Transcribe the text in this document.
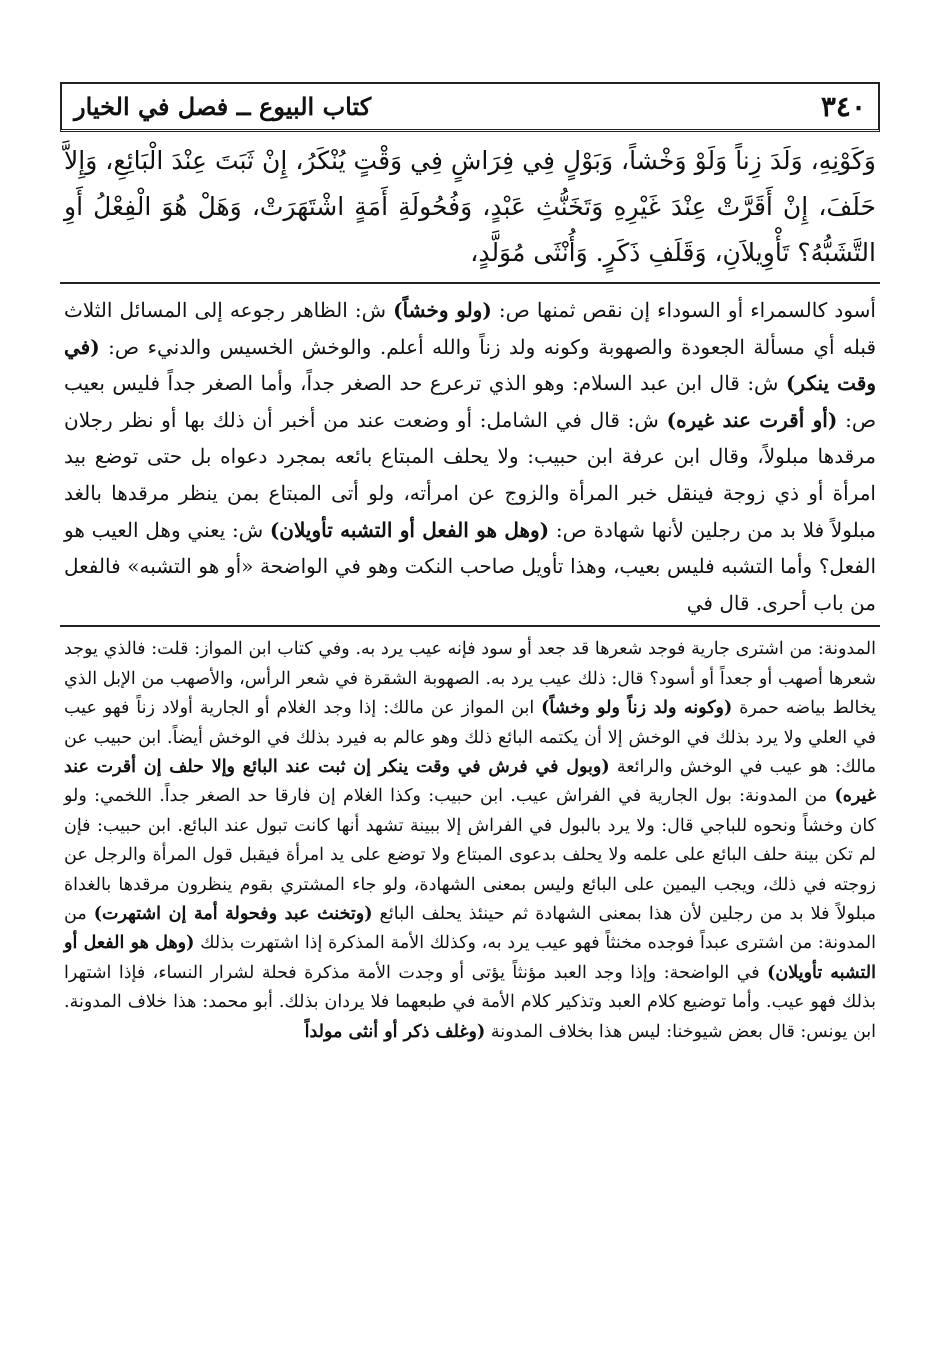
٣٤٠
كتاب البيوع ــ فصل في الخيار

وَكَوْنِهِ، وَلَدَ زِناً وَلَوْ وَخْشاً، وَبَوْلٍ فِي فِرَاشٍ فِي وَقْتٍ يُنْكَرُ، إِنْ ثَبَتَ عِنْدَ الْبَائِعِ، وَإِلاَّ حَلَفَ، إِنْ أَقَرَّتْ عِنْدَ غَيْرِهِ وَتَخَنُّثِ عَبْدٍ، وَفُحُولَةِ أَمَةٍ اشْتَهَرَتْ، وَهَلْ هُوَ الْفِعْلُ أَوِ التَّشَبُّهُ؟ تَأْوِيلاَنِ، وَقَلَفِ ذَكَرٍ. وَأُنْثَى مُوَلَّدٍ،

أسود كالسمراء أو السوداء إن نقص ثمنها ص: (ولو وخشاً) ش: الظاهر رجوعه إلى المسائل الثلاث قبله أي مسألة الجعودة والصهوبة وكونه ولد زناً والله أعلم. والوخش الخسيس والدنيء ص: (في وقت ينكر) ش: قال ابن عبد السلام: وهو الذي ترعرع حد الصغر جداً، وأما الصغر جداً فليس بعيب ص: (أو أقرت عند غيره) ش: قال في الشامل: أو وضعت عند من أخبر أن ذلك بها أو نظر رجلان مرقدها مبلولاً، وقال ابن عرفة ابن حبيب: ولا يحلف المبتاع بائعه بمجرد دعواه بل حتى توضع بيد امرأة أو ذي زوجة فينقل خبر المرأة والزوج عن امرأته، ولو أتى المبتاع بمن ينظر مرقدها بالغد مبلولاً فلا بد من رجلين لأنها شهادة ص: (وهل هو الفعل أو التشبه تأويلان) ش: يعني وهل العيب هو الفعل؟ وأما التشبه فليس بعيب، وهذا تأويل صاحب النكت وهو في الواضحة «أو هو التشبه» فالفعل من باب أحرى. قال في

المدونة: من اشترى جارية فوجد شعرها قد جعد أو سود فإنه عيب يرد به. وفي كتاب ابن المواز: قلت: فالذي يوجد شعرها أصهب أو جعداً أو أسود؟ قال: ذلك عيب يرد به. الصهوبة الشقرة في شعر الرأس، والأصهب من الإبل الذي يخالط بياضه حمرة (وكونه ولد زناً ولو وخشاً) ابن المواز عن مالك: إذا وجد الغلام أو الجارية أولاد زناً فهو عيب في العلي ولا يرد بذلك في الوخش إلا أن يكتمه البائع ذلك وهو عالم به فيرد بذلك في الوخش أيضاً. ابن حبيب عن مالك: هو عيب في الوخش والرائعة (وبول في فرش في وقت ينكر إن ثبت عند البائع وإلا حلف إن أقرت عند غيره) من المدونة: بول الجارية في الفراش عيب. ابن حبيب: وكذا الغلام إن فارقا حد الصغر جداً. اللخمي: ولو كان وخشاً ونحوه للباجي قال: ولا يرد بالبول في الفراش إلا ببينة تشهد أنها كانت تبول عند البائع. ابن حبيب: فإن لم تكن بينة حلف البائع على علمه ولا يحلف بدعوى المبتاع ولا توضع على يد امرأة فيقبل قول المرأة والرجل عن زوجته في ذلك، ويجب اليمين على البائع وليس بمعنى الشهادة، ولو جاء المشتري بقوم ينظرون مرقدها بالغداة مبلولاً فلا بد من رجلين لأن هذا بمعنى الشهادة ثم حينئذ يحلف البائع (وتخنث عبد وفحولة أمة إن اشتهرت) من المدونة: من اشترى عبداً فوجده مخنثاً فهو عيب يرد به، وكذلك الأمة المذكرة إذا اشتهرت بذلك (وهل هو الفعل أو التشبه تأويلان) في الواضحة: وإذا وجد العبد مؤنثاً يؤتى أو وجدت الأمة مذكرة فحلة لشرار النساء، فإذا اشتهرا بذلك فهو عيب. وأما توضيع كلام العبد وتذكير كلام الأمة في طبعهما فلا يردان بذلك. أبو محمد: هذا خلاف المدونة. ابن يونس: قال بعض شيوخنا: ليس هذا بخلاف المدونة (وغلف ذكر أو أنثى مولداً
